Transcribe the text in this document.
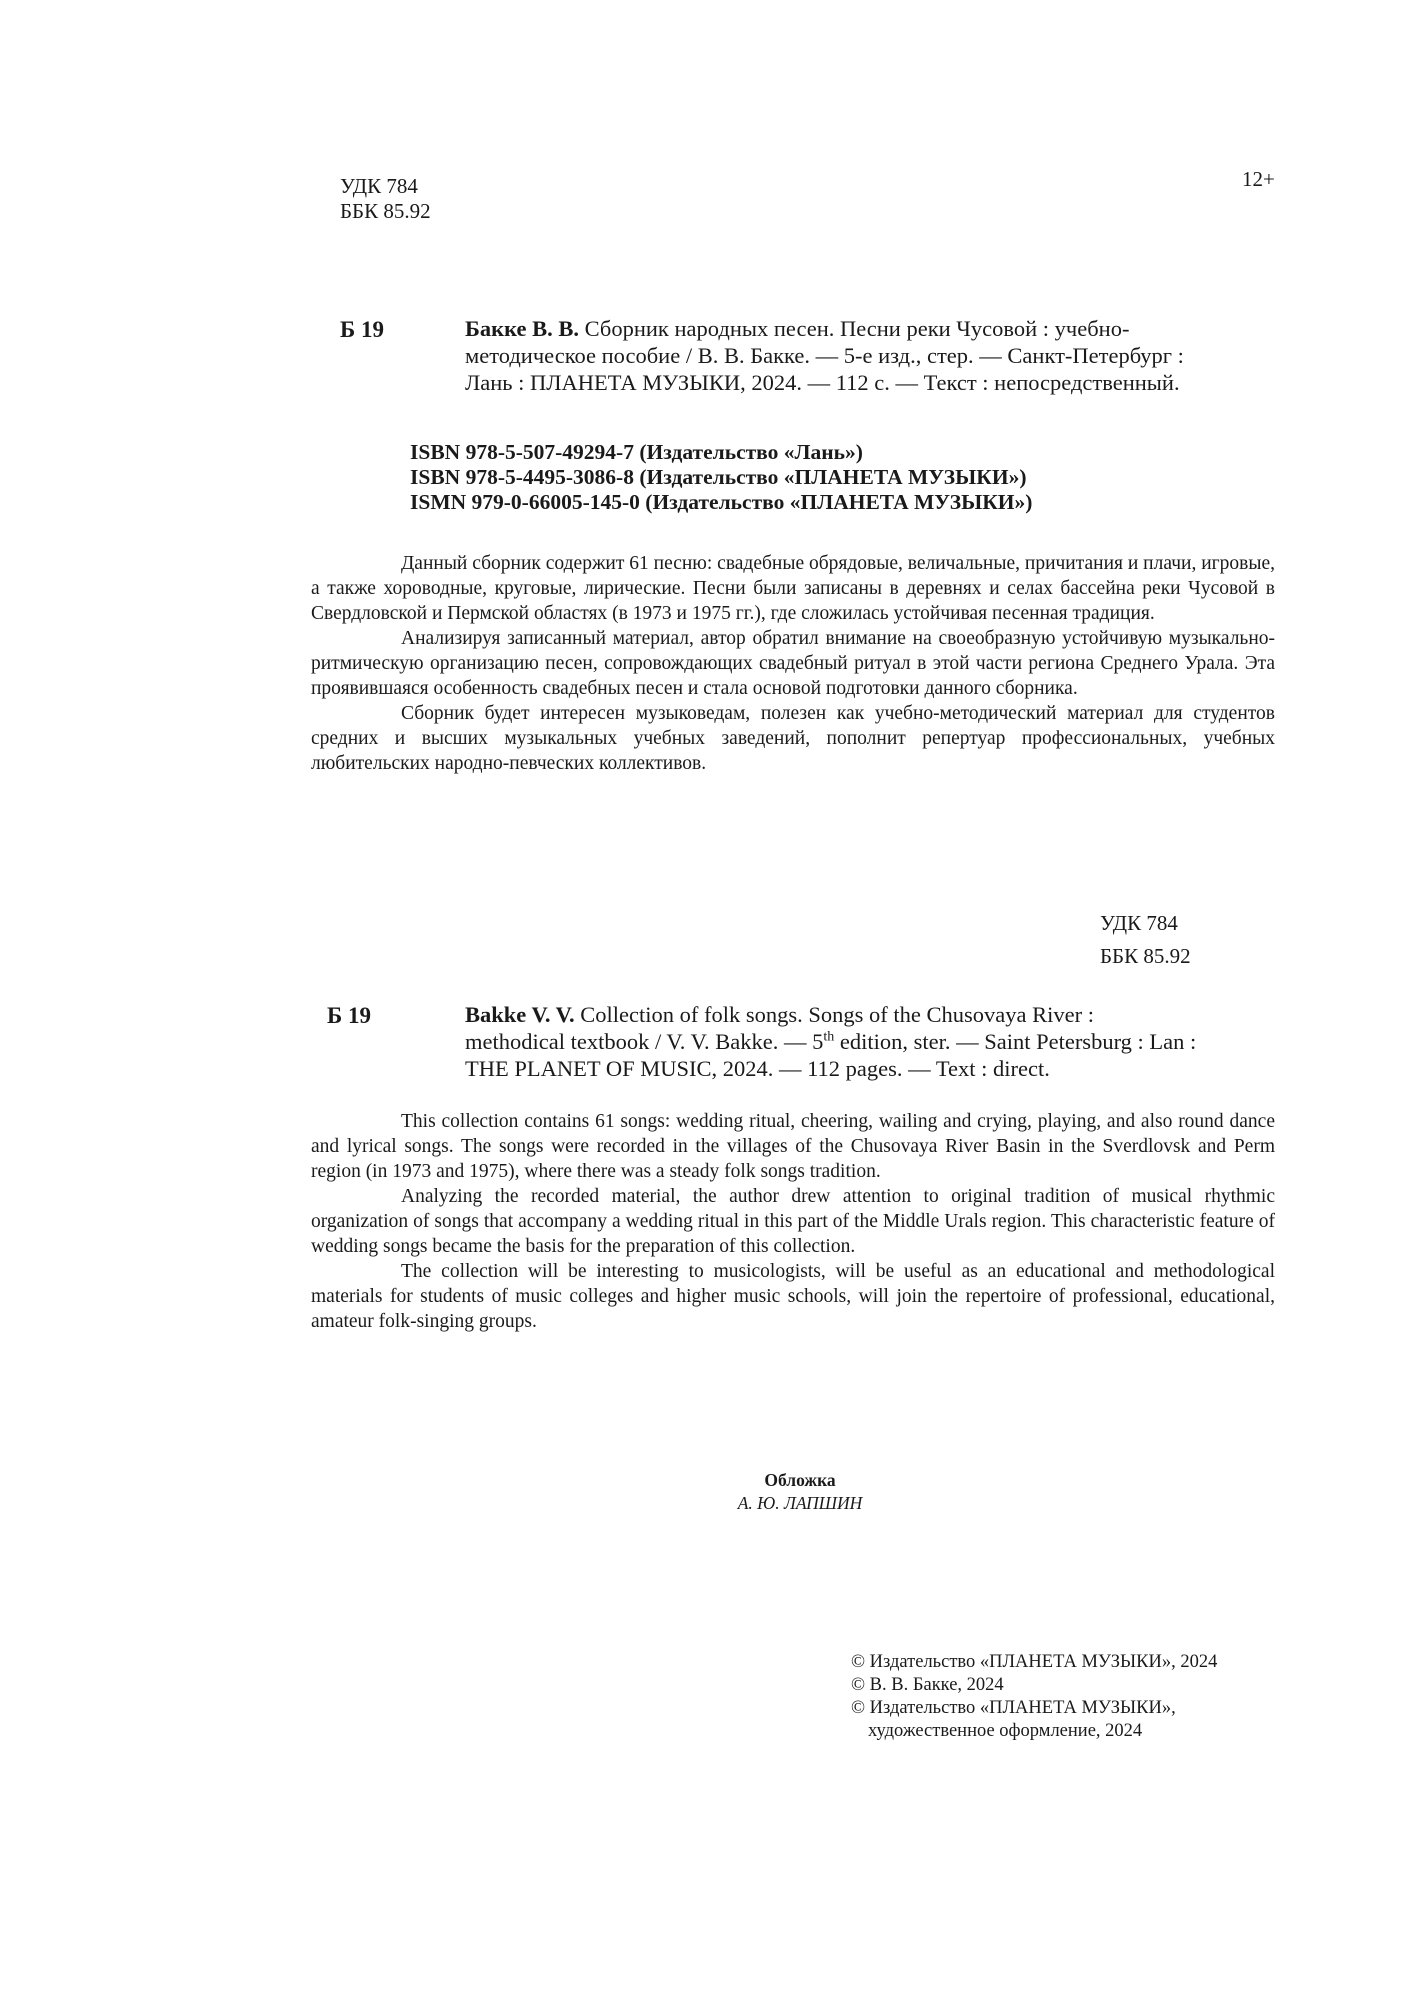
УДК 784
ББК 85.92
12+
Б 19	Бакке В. В. Сборник народных песен. Песни реки Чусовой : учебно-
методическое пособие / В. В. Бакке. — 5-е изд., стер. — Санкт-Петербург :
Лань : ПЛАНЕТА МУЗЫКИ, 2024. — 112 с. — Текст : непосредственный.
ISBN 978-5-507-49294-7 (Издательство «Лань»)
ISBN 978-5-4495-3086-8 (Издательство «ПЛАНЕТА МУЗЫКИ»)
ISMN 979-0-66005-145-0 (Издательство «ПЛАНЕТА МУЗЫКИ»)

Данный сборник содержит 61 песню: свадебные обрядовые, величальные, причитания и плачи, игровые, а также хороводные, круговые, лирические. Песни были записаны в деревнях и селах бассейна реки Чусовой в Свердловской и Пермской областях (в 1973 и 1975 гг.), где сложилась устойчивая песенная традиция.

Анализируя записанный материал, автор обратил внимание на своеобразную устойчивую музыкально-ритмическую организацию песен, сопровождающих свадебный ритуал в этой части региона Среднего Урала. Эта проявившаяся особенность свадебных песен и стала основой подготовки данного сборника.

Сборник будет интересен музыковедам, полезен как учебно-методический материал для студентов средних и высших музыкальных учебных заведений, пополнит репертуар профессиональных, учебных любительских народно-певческих коллективов.

УДК 784
ББК 85.92
Б 19	Bakke V. V. Collection of folk songs. Songs of the Chusovaya River :
methodical textbook / V. V. Bakke. — 5th edition, ster. — Saint Petersburg : Lan :
THE PLANET OF MUSIC, 2024. — 112 pages. — Text : direct.

This collection contains 61 songs: wedding ritual, cheering, wailing and crying, playing, and also round dance and lyrical songs. The songs were recorded in the villages of the Chusovaya River Basin in the Sverdlovsk and Perm region (in 1973 and 1975), where there was a steady folk songs tradition.

Analyzing the recorded material, the author drew attention to original tradition of musical rhythmic organization of songs that accompany a wedding ritual in this part of the Middle Urals region. This characteristic feature of wedding songs became the basis for the preparation of this collection.

The collection will be interesting to musicologists, will be useful as an educational and methodological materials for students of music colleges and higher music schools, will join the repertoire of professional, educational, amateur folk-singing groups.

Обложка
А. Ю. ЛАПШИН
© Издательство «ПЛАНЕТА МУЗЫКИ», 2024
© В. В. Бакке, 2024
© Издательство «ПЛАНЕТА МУЗЫКИ»,
художественное оформление, 2024
